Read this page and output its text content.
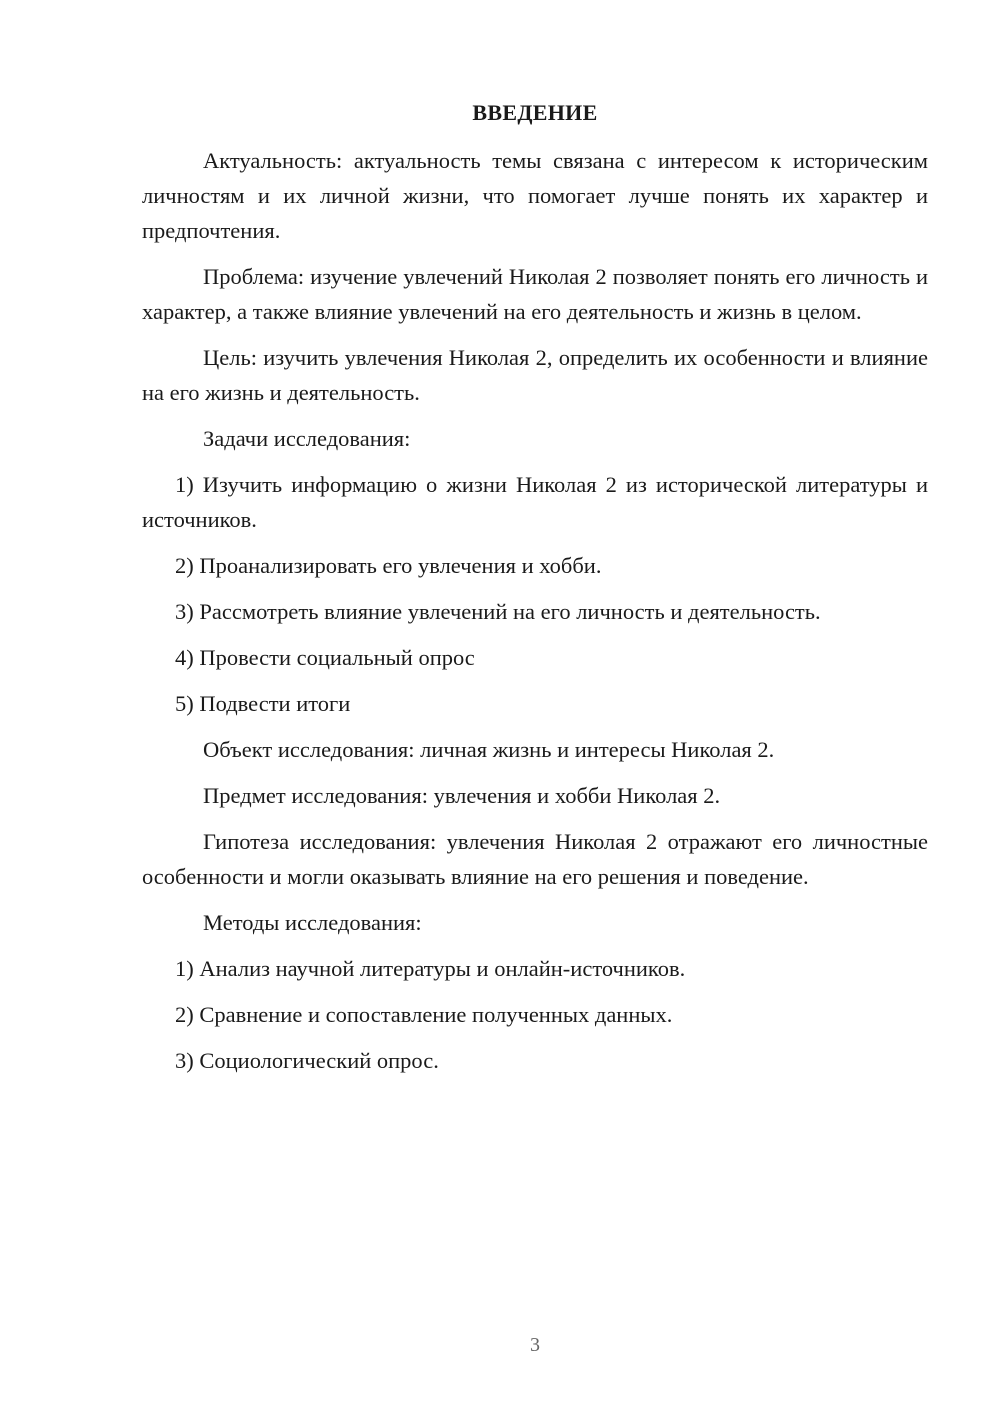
ВВЕДЕНИЕ

Актуальность: актуальность темы связана с интересом к историческим личностям и их личной жизни, что помогает лучше понять их характер и предпочтения.

Проблема: изучение увлечений Николая 2 позволяет понять его личность и характер, а также влияние увлечений на его деятельность и жизнь в целом.

Цель: изучить увлечения Николая 2, определить их особенности и влияние на его жизнь и деятельность.

Задачи исследования:

1) Изучить информацию о жизни Николая 2 из исторической литературы и источников.

2) Проанализировать его увлечения и хобби.

3) Рассмотреть влияние увлечений на его личность и деятельность.

4) Провести социальный опрос

5) Подвести итоги

Объект исследования: личная жизнь и интересы Николая 2.

Предмет исследования: увлечения и хобби Николая 2.

Гипотеза исследования: увлечения Николая 2 отражают его личностные особенности и могли оказывать влияние на его решения и поведение.

Методы исследования:

1) Анализ научной литературы и онлайн-источников.

2) Сравнение и сопоставление полученных данных.

3) Социологический опрос.

3
